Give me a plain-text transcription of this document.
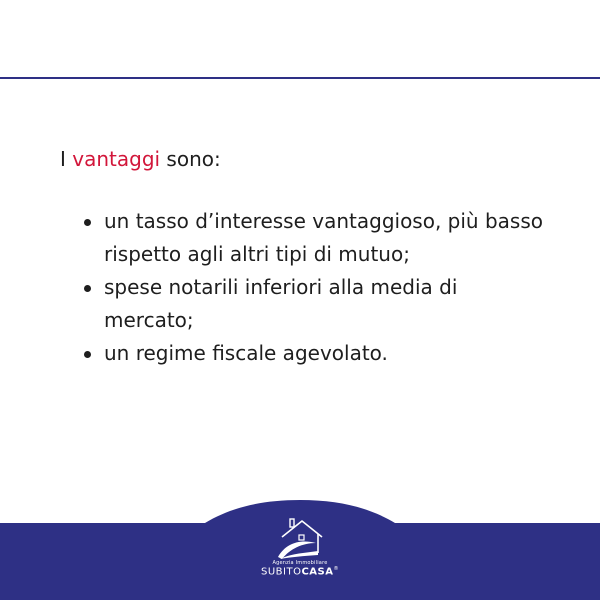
I vantaggi sono:

un tasso d’interesse vantaggioso, più basso rispetto agli altri tipi di mutuo;
spese notarili inferiori alla media di mercato;
un regime fiscale agevolato.
Agenzia Immobiliare
SUBITOCASA®
